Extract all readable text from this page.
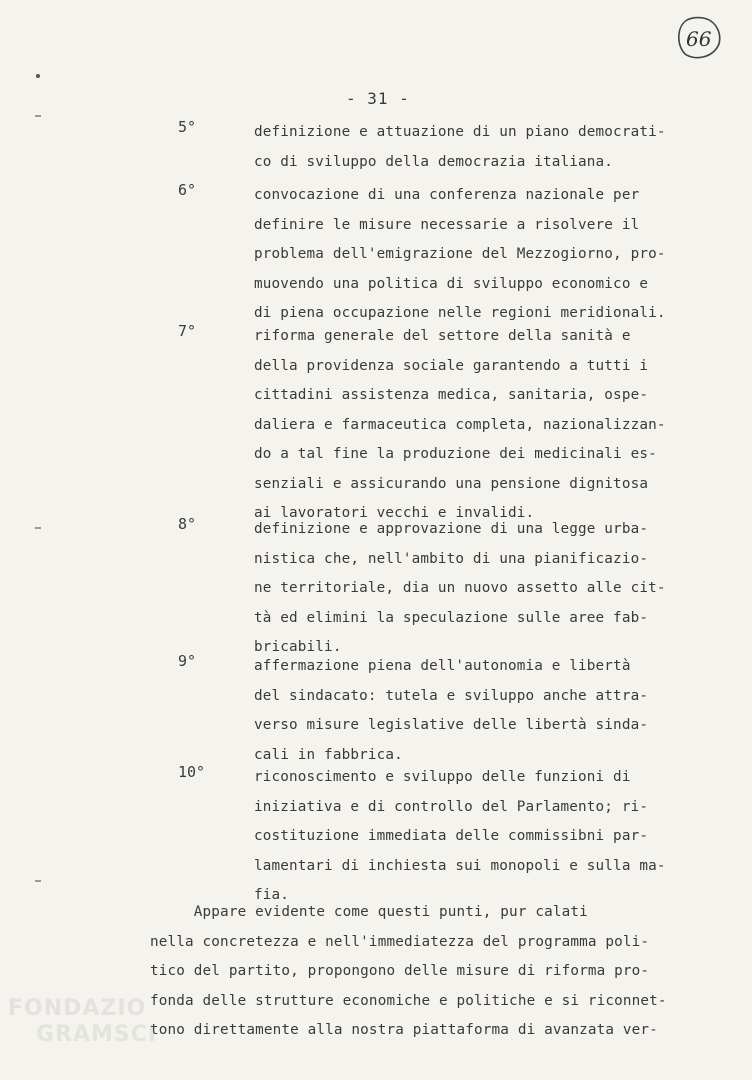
66
- 31 -
5°	definizione e attuazione di un piano democrati-
co di sviluppo della democrazia italiana.
6°	convocazione di una conferenza nazionale per
definire le misure necessarie a risolvere il
problema dell'emigrazione del Mezzogiorno, pro-
muovendo una politica di sviluppo economico e
di piena occupazione nelle regioni meridionali.
7°	riforma generale del settore della sanità e
della providenza sociale garantendo a tutti i
cittadini assistenza medica, sanitaria, ospe-
daliera e farmaceutica completa, nazionalizzan-
do a tal fine la produzione dei medicinali es-
senziali e assicurando una pensione dignitosa
ai lavoratori vecchi e invalidi.
8°	definizione e approvazione di una legge urba-
nistica che, nell'ambito di una pianificazio-
ne territoriale, dia un nuovo assetto alle cit-
tà ed elimini la speculazione sulle aree fab-
bricabili.
9°	affermazione piena dell'autonomia e libertà
del sindacato: tutela e sviluppo anche attra-
verso misure legislative delle libertà sinda-
cali in fabbrica.
10°	riconoscimento e sviluppo delle funzioni di
iniziativa e di controllo del Parlamento; ri-
costituzione immediata delle commissibni par-
lamentari di inchiesta sui monopoli e sulla ma-
fia.
Appare evidente come questi punti, pur calati
nella concretezza e nell'immediatezza del programma poli-
tico del partito, propongono delle misure di riforma pro-
fonda delle strutture economiche e politiche e si riconnet-
tono direttamente alla nostra piattaforma di avanzata ver-
FONDAZIO
GRAMSCI
